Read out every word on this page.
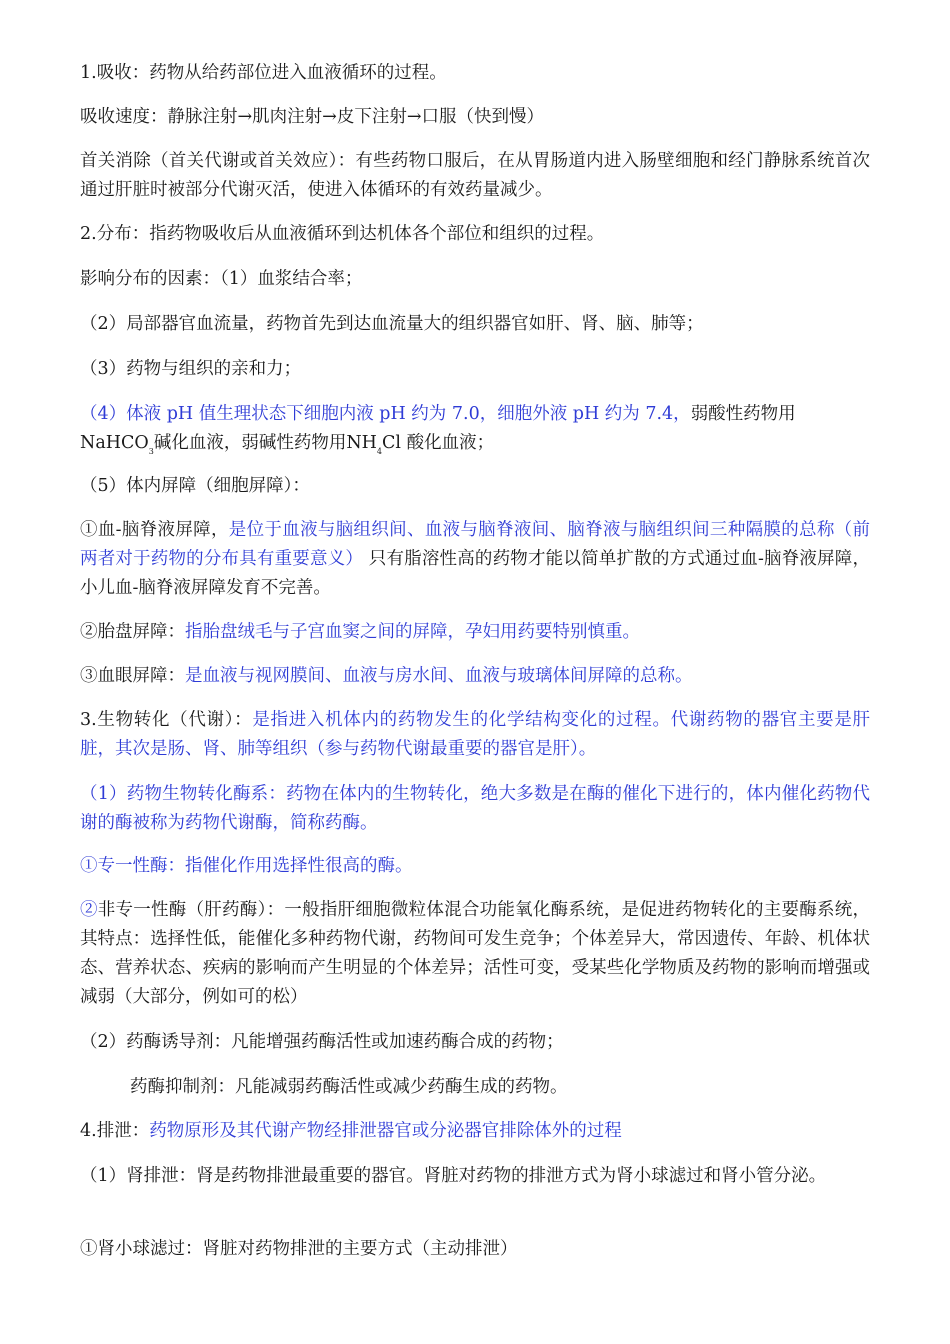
1.吸收：药物从给药部位进入血液循环的过程。

吸收速度：静脉注射→肌肉注射→皮下注射→口服（快到慢）

首关消除（首关代谢或首关效应）：有些药物口服后，在从胃肠道内进入肠壁细胞和经门静脉系统首次通过肝脏时被部分代谢灭活，使进入体循环的有效药量减少。

2.分布：指药物吸收后从血液循环到达机体各个部位和组织的过程。

影响分布的因素：（1）血浆结合率；

（2）局部器官血流量，药物首先到达血流量大的组织器官如肝、肾、脑、肺等；

（3）药物与组织的亲和力；

（4）体液 pH 值生理状态下细胞内液 pH 约为 7.0，细胞外液 pH 约为 7.4，弱酸性药物用
NaHCO$_3$碱化血液，弱碱性药物用$NH_4Cl$ 酸化血液；

（5）体内屏障（细胞屏障）：

①血-脑脊液屏障，是位于血液与脑组织间、血液与脑脊液间、脑脊液与脑组织间三种隔膜的总称（前两者对于药物的分布具有重要意义） 只有脂溶性高的药物才能以简单扩散的方式通过血-脑脊液屏障，小儿血-脑脊液屏障发育不完善。

②胎盘屏障：指胎盘绒毛与子宫血窦之间的屏障，孕妇用药要特别慎重。

③血眼屏障：是血液与视网膜间、血液与房水间、血液与玻璃体间屏障的总称。

3.生物转化（代谢）：是指进入机体内的药物发生的化学结构变化的过程。代谢药物的器官主要是肝脏，其次是肠、肾、肺等组织（参与药物代谢最重要的器官是肝）。

（1）药物生物转化酶系：药物在体内的生物转化，绝大多数是在酶的催化下进行的，体内催化药物代谢的酶被称为药物代谢酶，简称药酶。

①专一性酶：指催化作用选择性很高的酶。

②非专一性酶（肝药酶）：一般指肝细胞微粒体混合功能氧化酶系统，是促进药物转化的主要酶系统，其特点：选择性低，能催化多种药物代谢，药物间可发生竞争；个体差异大，常因遗传、年龄、机体状态、营养状态、疾病的影响而产生明显的个体差异；活性可变，受某些化学物质及药物的影响而增强或减弱（大部分，例如可的松）

（2）药酶诱导剂：凡能增强药酶活性或加速药酶合成的药物；

药酶抑制剂：凡能减弱药酶活性或减少药酶生成的药物。

4.排泄：药物原形及其代谢产物经排泄器官或分泌器官排除体外的过程

（1）肾排泄：肾是药物排泄最重要的器官。肾脏对药物的排泄方式为肾小球滤过和肾小管分泌。

①肾小球滤过：肾脏对药物排泄的主要方式（主动排泄）
